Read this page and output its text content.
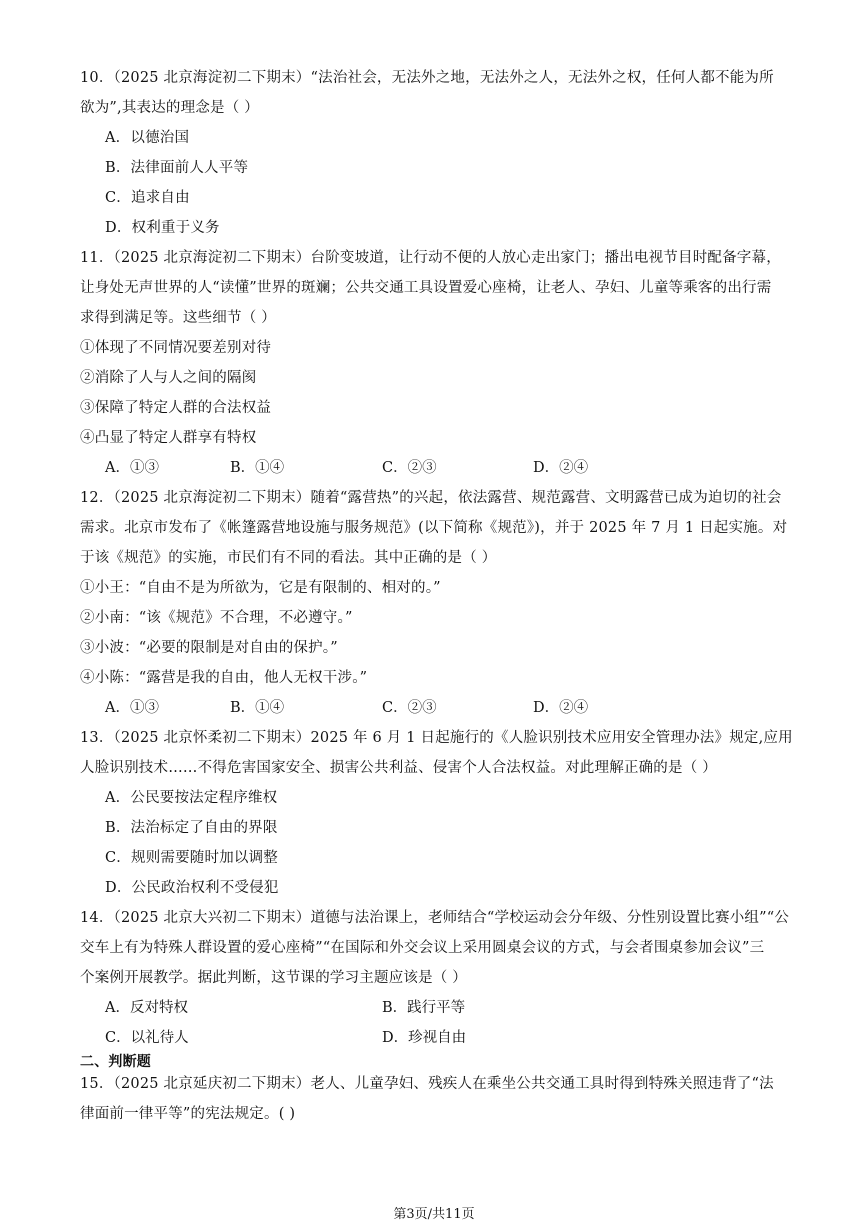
10．（2025 北京海淀初二下期末）“法治社会，无法外之地，无法外之人，无法外之权，任何人都不能为所
欲为”,其表达的理念是（ ）
A．以德治国
B．法律面前人人平等
C．追求自由
D．权利重于义务
11．（2025 北京海淀初二下期末）台阶变坡道，让行动不便的人放心走出家门；播出电视节目时配备字幕，
让身处无声世界的人“读懂”世界的斑斓；公共交通工具设置爱心座椅，让老人、孕妇、儿童等乘客的出行需
求得到满足等。这些细节（ ）
①体现了不同情况要差别对待
②消除了人与人之间的隔阂
③保障了特定人群的合法权益
④凸显了特定人群享有特权
A．①③	B．①④	C．②③	D．②④
12．（2025 北京海淀初二下期末）随着“露营热”的兴起，依法露营、规范露营、文明露营已成为迫切的社会
需求。北京市发布了《帐篷露营地设施与服务规范》(以下简称《规范》)，并于 2025 年 7 月 1 日起实施。对
于该《规范》的实施，市民们有不同的看法。其中正确的是（ ）
①小王：“自由不是为所欲为，它是有限制的、相对的。”
②小南：“该《规范》不合理，不必遵守。”
③小波：“必要的限制是对自由的保护。”
④小陈：“露营是我的自由，他人无权干涉。”
A．①③	B．①④	C．②③	D．②④
13．（2025 北京怀柔初二下期末）2025 年 6 月 1 日起施行的《人脸识别技术应用安全管理办法》规定,应用
人脸识别技术……不得危害国家安全、损害公共利益、侵害个人合法权益。对此理解正确的是（ ）
A．公民要按法定程序维权
B．法治标定了自由的界限
C．规则需要随时加以调整
D．公民政治权利不受侵犯
14．（2025 北京大兴初二下期末）道德与法治课上，老师结合“学校运动会分年级、分性别设置比赛小组”“公
交车上有为特殊人群设置的爱心座椅”“在国际和外交会议上采用圆桌会议的方式，与会者围桌参加会议”三
个案例开展教学。据此判断，这节课的学习主题应该是（ ）
A．反对特权	B．践行平等
C．以礼待人	D．珍视自由
二、判断题
15．（2025 北京延庆初二下期末）老人、儿童孕妇、残疾人在乘坐公共交通工具时得到特殊关照违背了“法
律面前一律平等”的宪法规定。( )
第3页/共11页
